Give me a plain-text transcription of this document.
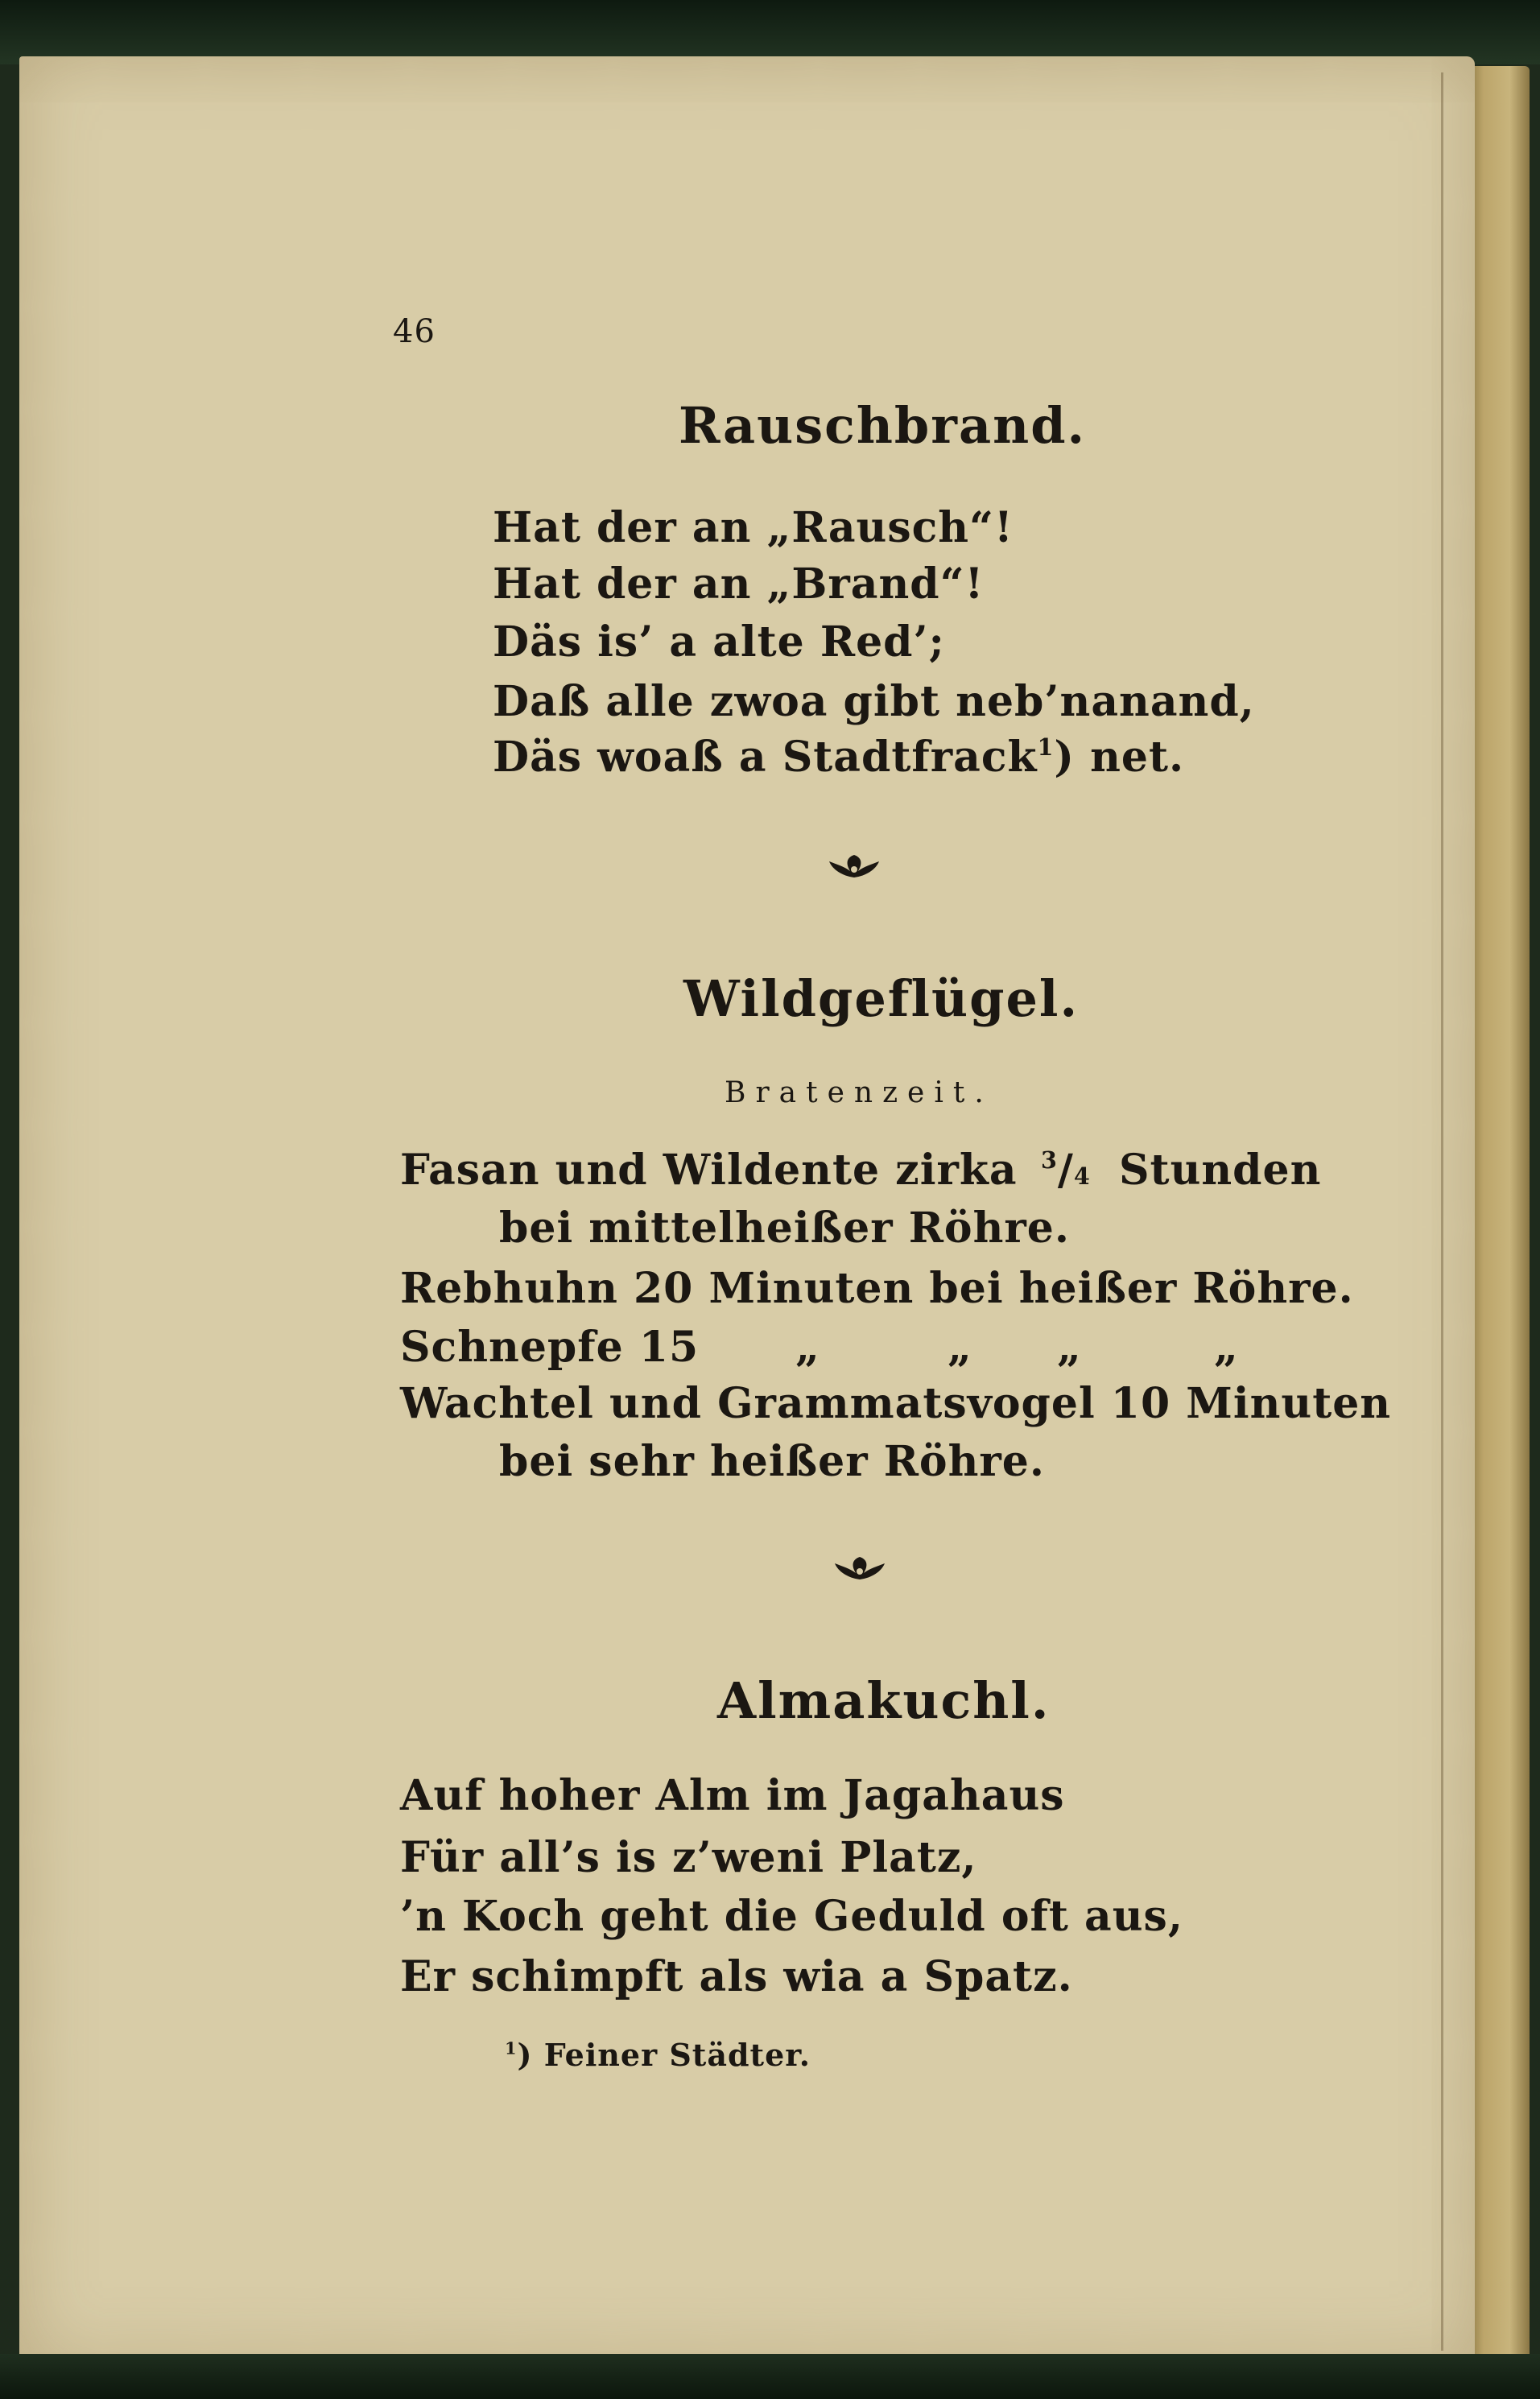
46
Rauschbrand.
Hat der an „Rausch“!
Hat der an „Brand“!
Däs is’ a alte Red’;
Daß alle zwoa gibt neb’nanand,
Däs woaß a Stadtfrack$^1$) net.
Wildgeflügel.
Bratenzeit.
Fasan und Wildente zirka $^3$/4 Stunden
bei mittelheißer Röhre.
Rebhuhn 20 Minuten bei heißer Röhre.
Schnepfe 15 „	„ „	„
Wachtel und Grammatsvogel 10 Minuten
bei sehr heißer Röhre.
Almakuchl.
Auf hoher Alm im Jagahaus
Für all’s is z’weni Platz,
’n Koch geht die Geduld oft aus,
Er schimpft als wia a Spatz.
$^1$) Feiner Städter.
